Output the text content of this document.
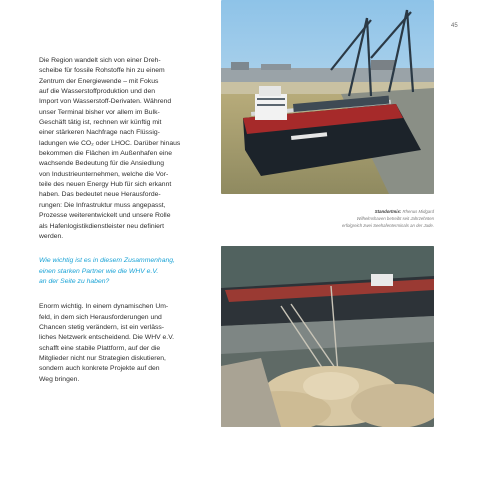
45

Die Region wandelt sich von einer Dreh-
scheibe für fossile Rohstoffe hin zu einem
Zentrum der Energiewende – mit Fokus
auf die Wasserstoffproduktion und den
Import von Wasserstoff-Derivaten. Während
unser Terminal bisher vor allem im Bulk-
Geschäft tätig ist, rechnen wir künftig mit
einer stärkeren Nachfrage nach Flüssig-
ladungen wie CO₂ oder LHOC. Darüber hinaus
bekommen die Flächen im Außenhafen eine
wachsende Bedeutung für die Ansiedlung
von Industrieunternehmen, welche die Vor-
teile des neuen Energy Hub für sich erkannt
haben. Das bedeutet neue Herausforde-
rungen: Die Infrastruktur muss angepasst,
Prozesse weiterentwickelt und unsere Rolle
als Hafenlogistikdienstleister neu definiert
werden.

Wie wichtig ist es in diesem Zusammenhang,
einen starken Partner wie die WHV e.V.
an der Seite zu haben?

Enorm wichtig. In einem dynamischen Um-
feld, in dem sich Herausforderungen und
Chancen stetig verändern, ist ein verläss-
liches Netzwerk entscheidend. Die WHV e.V.
schafft eine stabile Plattform, auf der die
Mitglieder nicht nur Strategien diskutieren,
sondern auch konkrete Projekte auf den
Weg bringen.

Standortmix: Rhenus Midgard
Wilhelmshaven betreibt seit Jahrzehnten
erfolgreich zwei Seehafenterminals an der Jade.
